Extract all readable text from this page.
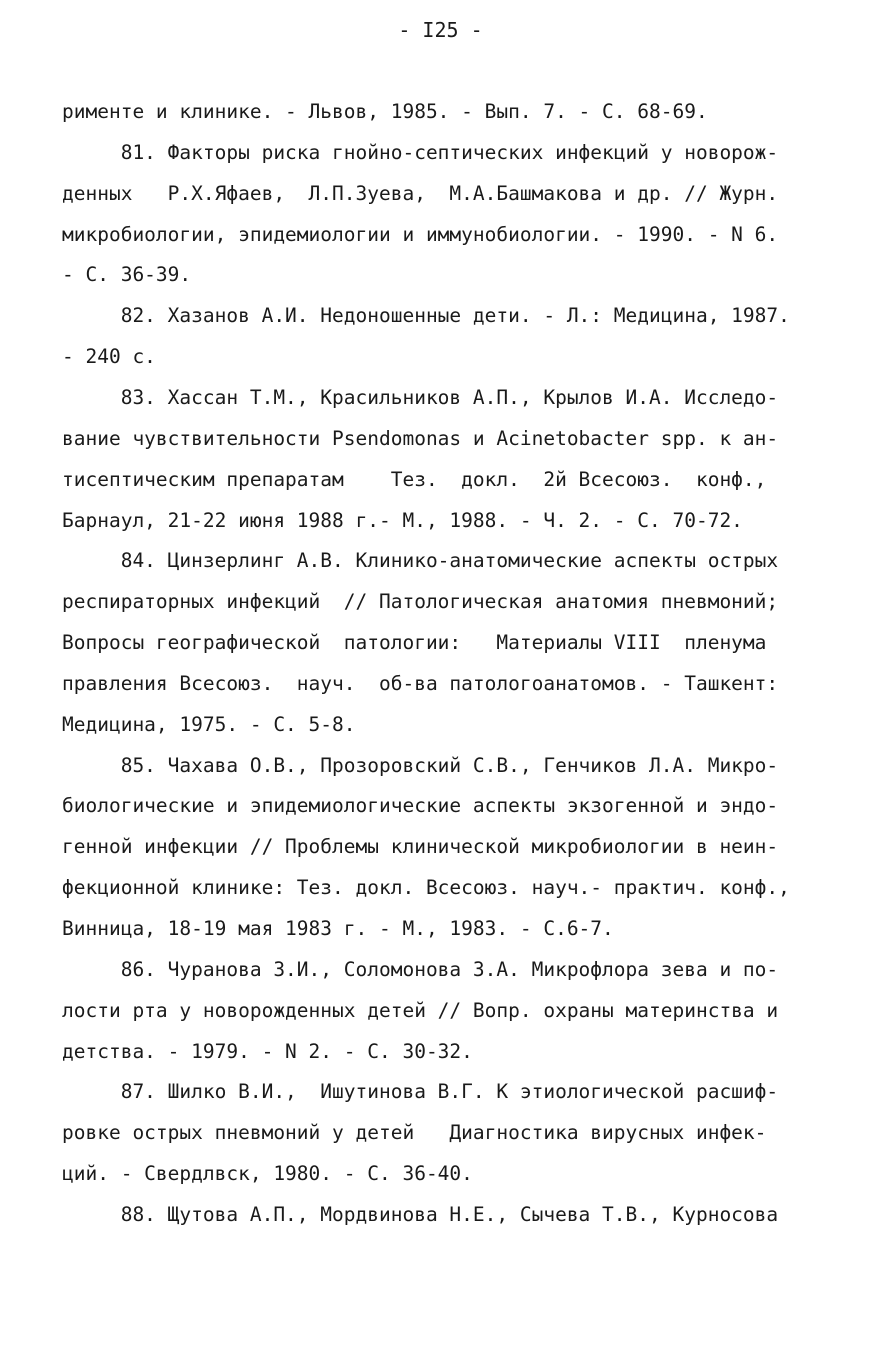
- I25 -
рименте и клинике. - Львов, 1985. - Вып. 7. - С. 68-69.
81. Факторы риска гнойно-септических инфекций у новорож-
денных   Р.Х.Яфаев,  Л.П.Зуева,  М.А.Башмакова и др. // Журн.
микробиологии, эпидемиологии и иммунобиологии. - 1990. - N 6.
- С. 36-39.
82. Хазанов А.И. Недоношенные дети. - Л.: Медицина, 1987.
- 240 с.
83. Хассан Т.М., Красильников А.П., Крылов И.А. Исследо-
вание чувствительности Psendomonas и Acinetobacter spp. к ан-
тисептическим препаратам    Тез.  докл.  2й Всесоюз.  конф.,
Барнаул, 21-22 июня 1988 г.- М., 1988. - Ч. 2. - С. 70-72.
84. Цинзерлинг А.В. Клинико-анатомические аспекты острых
респираторных инфекций  // Патологическая анатомия пневмоний;
Вопросы географической  патологии:   Материалы VIII  пленума
правления Всесоюз.  науч.  об-ва патологоанатомов. - Ташкент:
Медицина, 1975. - С. 5-8.
85. Чахава О.В., Прозоровский С.В., Генчиков Л.А. Микро-
биологические и эпидемиологические аспекты экзогенной и эндо-
генной инфекции // Проблемы клинической микробиологии в неин-
фекционной клинике: Тез. докл. Всесоюз. науч.- практич. конф.,
Винница, 18-19 мая 1983 г. - М., 1983. - С.6-7.
86. Чуранова З.И., Соломонова З.А. Микрофлора зева и по-
лости рта у новорожденных детей // Вопр. охраны материнства и
детства. - 1979. - N 2. - С. 30-32.
87. Шилко В.И.,  Ишутинова В.Г. К этиологической расшиф-
ровке острых пневмоний у детей   Диагностика вирусных инфек-
ций. - Свердлвск, 1980. - С. 36-40.
88. Щутова А.П., Мордвинова Н.Е., Сычева Т.В., Курносова
